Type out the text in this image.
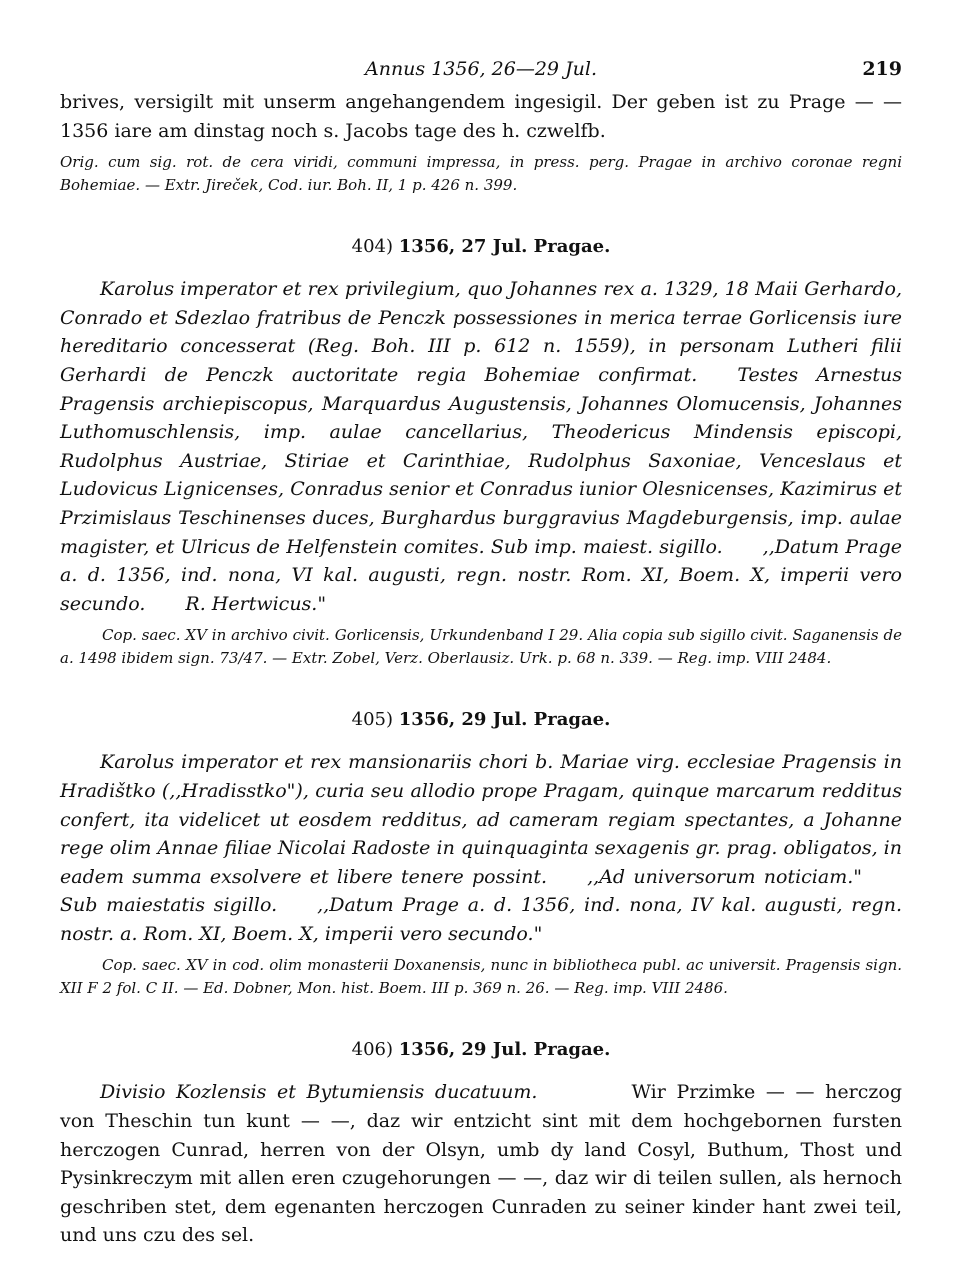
Annus 1356, 26—29 Jul.	219

brives, versigilt mit unserm angehangendem ingesigil. Der geben ist zu Prage — — 1356 iare am dinstag noch s. Jacobs tage des h. czwelfb.

Orig. cum sig. rot. de cera viridi, communi impressa, in press. perg. Pragae in archivo coronae regni Bohemiae. — Extr. Jireček, Cod. iur. Boh. II, 1 p. 426 n. 399.

404) 1356, 27 Jul. Pragae.

Karolus imperator et rex privilegium, quo Johannes rex a. 1329, 18 Maii Gerhardo, Conrado et Sdezlao fratribus de Penczk possessiones in merica terrae Gorlicensis iure hereditario concesserat (Reg. Boh. III p. 612 n. 1559), in personam Lutheri filii Gerhardi de Penczk auctoritate regia Bohemiae confirmat. Testes Arnestus Pragensis archiepiscopus, Marquardus Augustensis, Johannes Olomucensis, Johannes Luthomuschlensis, imp. aulae cancellarius, Theodericus Mindensis episcopi, Rudolphus Austriae, Stiriae et Carinthiae, Rudolphus Saxoniae, Venceslaus et Ludovicus Lignicenses, Conradus senior et Conradus iunior Olesnicenses, Kazimirus et Przimislaus Teschinenses duces, Burghardus burggravius Magdeburgensis, imp. aulae magister, et Ulricus de Helfenstein comites. Sub imp. maiest. sigillo. ,,Datum Prage a. d. 1356, ind. nona, VI kal. augusti, regn. nostr. Rom. XI, Boem. X, imperii vero secundo. R. Hertwicus."

Cop. saec. XV in archivo civit. Gorlicensis, Urkundenband I 29. Alia copia sub sigillo civit. Saganensis de a. 1498 ibidem sign. 73/47. — Extr. Zobel, Verz. Oberlausiz. Urk. p. 68 n. 339. — Reg. imp. VIII 2484.

405) 1356, 29 Jul. Pragae.

Karolus imperator et rex mansionariis chori b. Mariae virg. ecclesiae Pragensis in Hradištko (,,Hradisstko"), curia seu allodio prope Pragam, quinque marcarum redditus confert, ita videlicet ut eosdem redditus, ad cameram regiam spectantes, a Johanne rege olim Annae filiae Nicolai Radoste in quinquaginta sexagenis gr. prag. obligatos, in eadem summa exsolvere et libere tenere possint. ,,Ad universorum noticiam."Sub maiestatis sigillo. ,,Datum Prage a. d. 1356, ind. nona, IV kal. augusti, regn. nostr. a. Rom. XI, Boem. X, imperii vero secundo."

Cop. saec. XV in cod. olim monasterii Doxanensis, nunc in bibliotheca publ. ac universit. Pragensis sign. XII F 2 fol. C II. — Ed. Dobner, Mon. hist. Boem. III p. 369 n. 26. — Reg. imp. VIII 2486.

406) 1356, 29 Jul. Pragae.

Divisio Kozlensis et Bytumiensis ducatuum.	Wir Przimke — — herczog von Theschin tun kunt — —, daz wir entzicht sint mit dem hochgebornen fursten herczogen Cunrad, herren von der Olsyn, umb dy land Cosyl, Buthum, Thost und Pysinkreczym mit allen eren czugehorungen — —, daz wir di teilen sullen, als hernoch geschriben stet, dem egenanten herczogen Cunraden zu seiner kinder hant zwei teil, und uns czu des sel.
